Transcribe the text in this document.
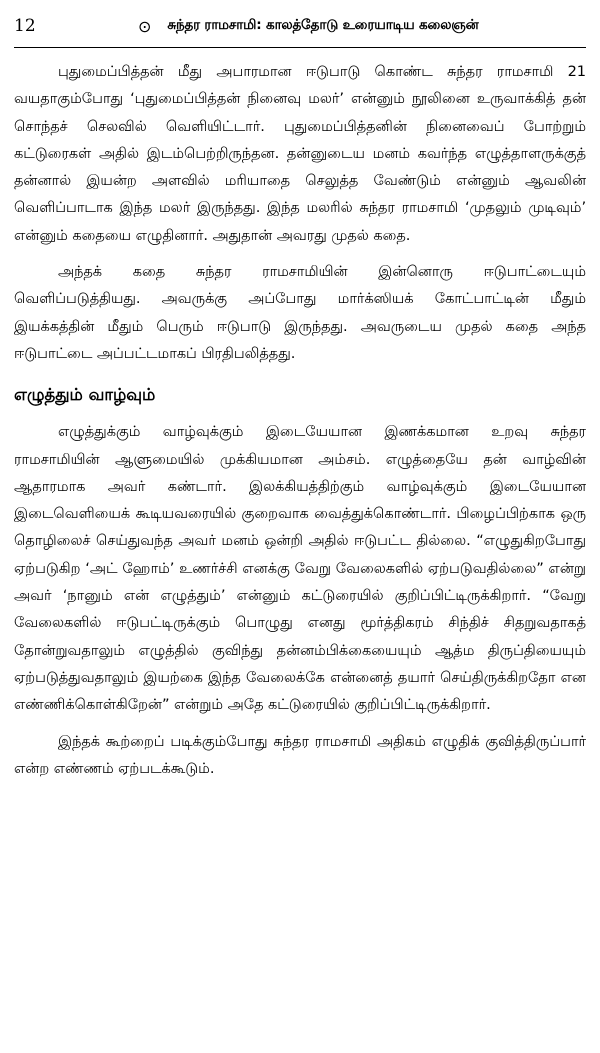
12	⊙ சுந்தர ராமசாமி: காலத்தோடு உரையாடிய கலைஞன்

புதுமைப்பித்தன் மீது அபாரமான ஈடுபாடு கொண்ட சுந்தர ராமசாமி 21 வயதாகும்போது ‘புதுமைப்பித்தன் நினைவு மலர்’ என்னும் நூலினை உருவாக்கித் தன் சொந்தச் செலவில் வெளியிட்டார். புதுமைப்பித்தனின் நினைவைப் போற்றும் கட்டுரைகள் அதில் இடம்பெற்றிருந்தன. தன்னுடைய மனம் கவர்ந்த எழுத்தாளருக்குத் தன்னால் இயன்ற அளவில் மரியாதை செலுத்த வேண்டும் என்னும் ஆவலின் வெளிப்பாடாக இந்த மலர் இருந்தது. இந்த மலரில் சுந்தர ராமசாமி ‘முதலும் முடிவும்’ என்னும் கதையை எழுதினார். அதுதான் அவரது முதல் கதை.

அந்தக் கதை சுந்தர ராமசாமியின் இன்னொரு ஈடுபாட்டையும் வெளிப்படுத்தியது. அவருக்கு அப்போது மார்க்ஸியக் கோட்பாட்டின் மீதும் இயக்கத்தின் மீதும் பெரும் ஈடுபாடு இருந்தது. அவருடைய முதல் கதை அந்த ஈடுபாட்டை அப்பட்டமாகப் பிரதிபலித்தது.

எழுத்தும் வாழ்வும்

எழுத்துக்கும் வாழ்வுக்கும் இடையேயான இணக்கமான உறவு சுந்தர ராமசாமியின் ஆளுமையில் முக்கியமான அம்சம். எழுத்தையே தன் வாழ்வின் ஆதாரமாக அவர் கண்டார். இலக்கியத்திற்கும் வாழ்வுக்கும் இடையேயான இடைவெளியைக் கூடியவரையில் குறைவாக வைத்துக்கொண்டார். பிழைப்பிற்காக ஒரு தொழிலைச் செய்துவந்த அவர் மனம் ஒன்றி அதில் ஈடுபட்ட தில்லை. “எழுதுகிறபோது ஏற்படுகிற ‘அட் ஹோம்’ உணர்ச்சி எனக்கு வேறு வேலைகளில் ஏற்படுவதில்லை” என்று அவர் ‘நானும் என் எழுத்தும்’ என்னும் கட்டுரையில் குறிப்பிட்டிருக்கிறார். “வேறு வேலைகளில் ஈடுபட்டிருக்கும் பொழுது எனது மூர்த்திகரம் சிந்திச் சிதறுவதாகத் தோன்றுவதாலும் எழுத்தில் குவிந்து தன்னம்பிக்கையையும் ஆத்ம திருப்தியையும் ஏற்படுத்துவதாலும் இயற்கை இந்த வேலைக்கே என்னைத் தயார் செய்திருக்கிறதோ என எண்ணிக்கொள்கிறேன்” என்றும் அதே கட்டுரையில் குறிப்பிட்டிருக்கிறார்.

இந்தக் கூற்றைப் படிக்கும்போது சுந்தர ராமசாமி அதிகம் எழுதிக் குவித்திருப்பார் என்ற எண்ணம் ஏற்படக்கூடும்.
